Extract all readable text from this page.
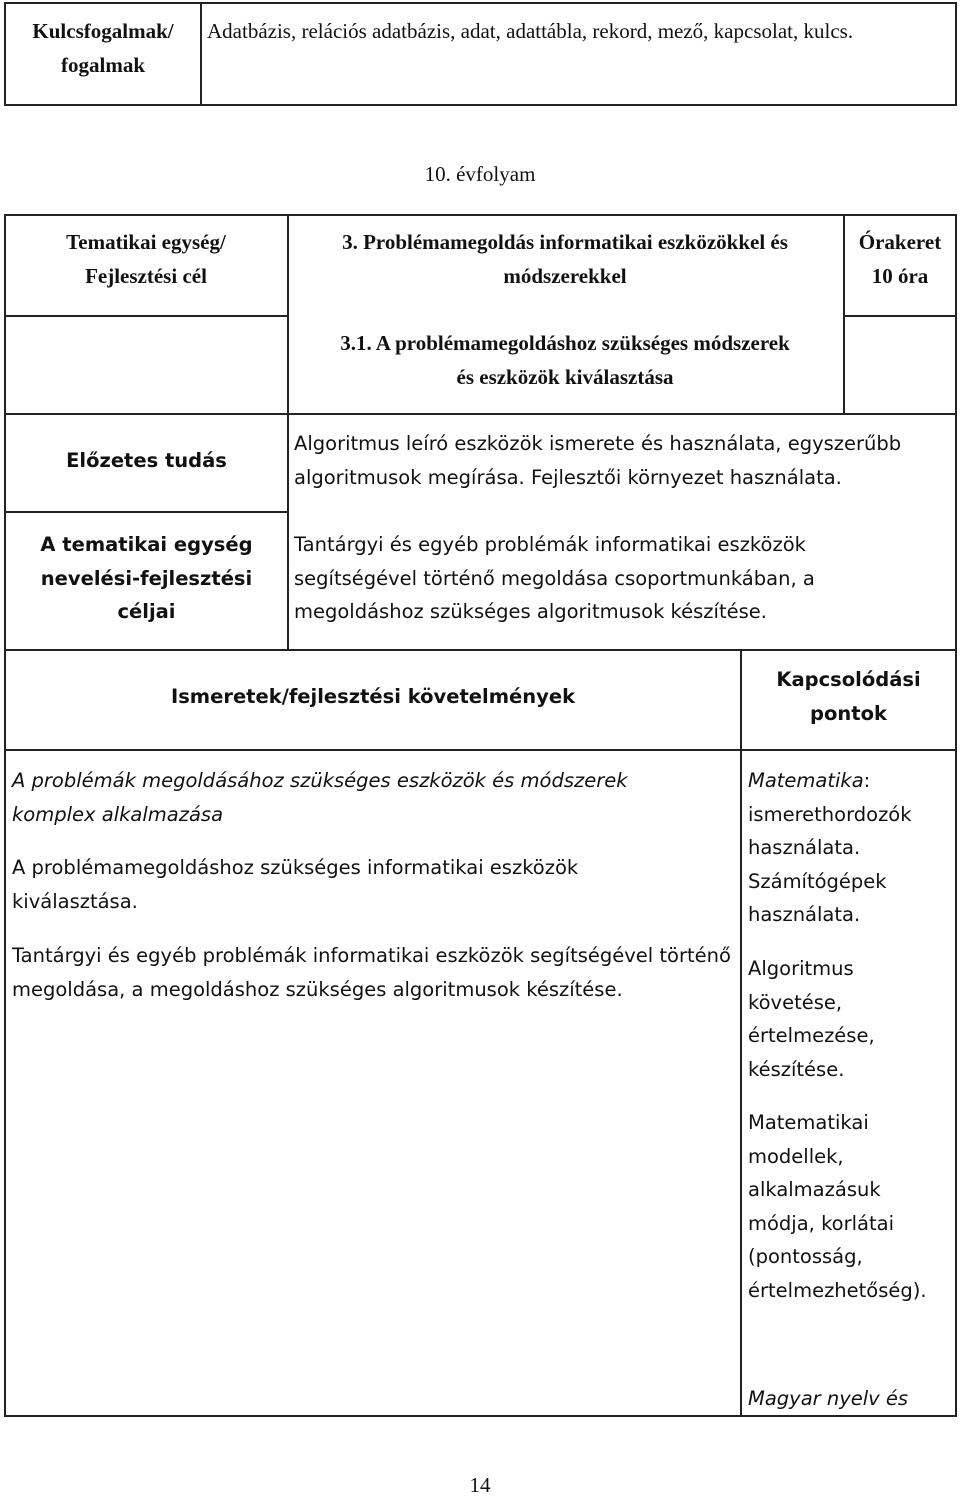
Kulcsfogalmak/ fogalmak
Adatbázis, relációs adatbázis, adat, adattábla, rekord, mező, kapcsolat, kulcs.
10. évfolyam
Tematikai egység/ Fejlesztési cél
3. Problémamegoldás informatikai eszközökkel és módszerekkel
Órakeret 10 óra
3.1. A problémamegoldáshoz szükséges módszerek és eszközök kiválasztása
Előzetes tudás
Algoritmus leíró eszközök ismerete és használata, egyszerűbb algoritmusok megírása. Fejlesztői környezet használata.
A tematikai egység nevelési-fejlesztési céljai
Tantárgyi és egyéb problémák informatikai eszközök segítségével történő megoldása csoportmunkában, a megoldáshoz szükséges algoritmusok készítése.
Ismeretek/fejlesztési követelmények
Kapcsolódási pontok
A problémák megoldásához szükséges eszközök és módszerek komplex alkalmazása
A problémamegoldáshoz szükséges informatikai eszközök kiválasztása.
Tantárgyi és egyéb problémák informatikai eszközök segítségével történő megoldása, a megoldáshoz szükséges algoritmusok készítése.
Matematika:
ismerethordozók használata. Számítógépek használata.
Algoritmus követése, értelmezése, készítése.
Matematikai modellek, alkalmazásuk módja, korlátai (pontosság, értelmezhetőség).
Magyar nyelv és
14
